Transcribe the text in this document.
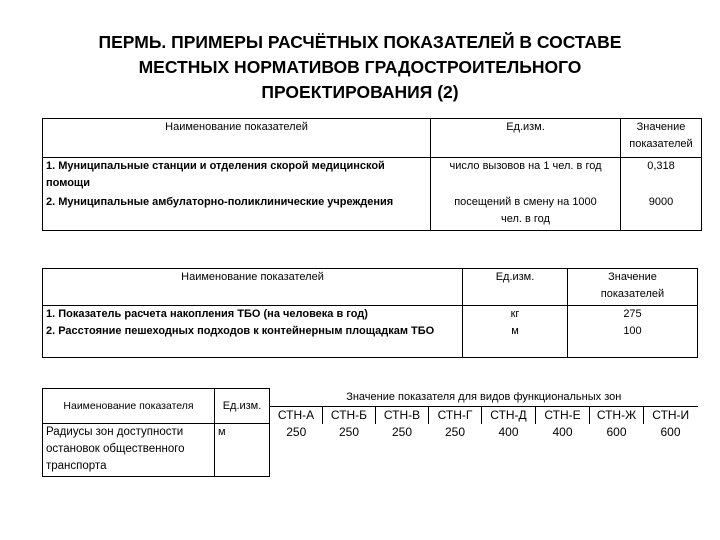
ПЕРМЬ. ПРИМЕРЫ РАСЧЁТНЫХ ПОКАЗАТЕЛЕЙ В СОСТАВЕ
МЕСТНЫХ НОРМАТИВОВ ГРАДОСТРОИТЕЛЬНОГО
ПРОЕКТИРОВАНИЯ (2)
Наименование показателей	Ед.изм.	Значение показателей
1. Муниципальные станции и отделения скорой медицинской помощи	число вызовов на 1 чел. в год	0,318
2. Муниципальные амбулаторно-поликлинические учреждения	посещений в смену на 1000 чел. в год	9000
Наименование показателей	Ед.изм.	Значение показателей
1. Показатель расчета накопления ТБО (на человека в год)	кг	275
2. Расстояние пешеходных подходов к контейнерным площадкам ТБО	м	100
Наименование показателя	Ед.изм.	Значение показателя для видов функциональных зон							
		СТН-А	СТН-Б	СТН-В	СТН-Г	СТН-Д	СТН-Е	СТН-Ж	СТН-И
Радиусы зон доступности остановок общественного транспорта	м	250	250	250	250	400	400	600	600
